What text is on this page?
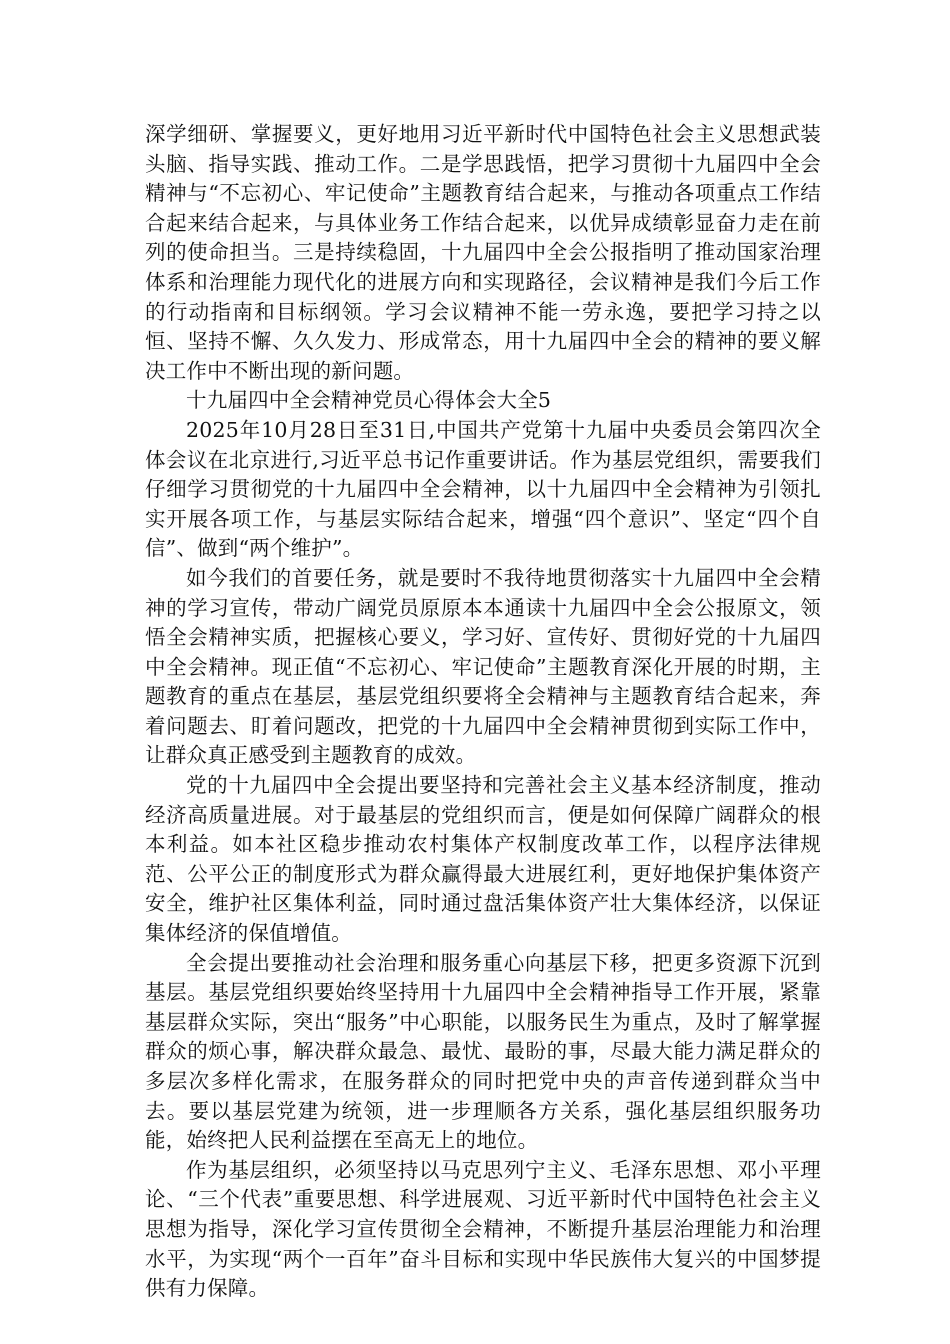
深学细研、掌握要义，更好地用习近平新时代中国特色社会主义思想武装头脑、指导实践、推动工作。二是学思践悟，把学习贯彻十九届四中全会精神与“不忘初心、牢记使命”主题教育结合起来，与推动各项重点工作结合起来结合起来，与具体业务工作结合起来，以优异成绩彰显奋力走在前列的使命担当。三是持续稳固，十九届四中全会公报指明了推动国家治理体系和治理能力现代化的进展方向和实现路径，会议精神是我们今后工作的行动指南和目标纲领。学习会议精神不能一劳永逸，要把学习持之以恒、坚持不懈、久久发力、形成常态，用十九届四中全会的精神的要义解决工作中不断出现的新问题。

十九届四中全会精神党员心得体会大全5

2025年10月28日至31日,中国共产党第十九届中央委员会第四次全体会议在北京进行,习近平总书记作重要讲话。作为基层党组织，需要我们仔细学习贯彻党的十九届四中全会精神，以十九届四中全会精神为引领扎实开展各项工作，与基层实际结合起来，增强“四个意识”、坚定“四个自信”、做到“两个维护”。

如今我们的首要任务，就是要时不我待地贯彻落实十九届四中全会精神的学习宣传，带动广阔党员原原本本通读十九届四中全会公报原文，领悟全会精神实质，把握核心要义，学习好、宣传好、贯彻好党的十九届四中全会精神。现正值“不忘初心、牢记使命”主题教育深化开展的时期，主题教育的重点在基层，基层党组织要将全会精神与主题教育结合起来，奔着问题去、盯着问题改，把党的十九届四中全会精神贯彻到实际工作中，让群众真正感受到主题教育的成效。

党的十九届四中全会提出要坚持和完善社会主义基本经济制度，推动经济高质量进展。对于最基层的党组织而言，便是如何保障广阔群众的根本利益。如本社区稳步推动农村集体产权制度改革工作，以程序法律规范、公平公正的制度形式为群众赢得最大进展红利，更好地保护集体资产安全，维护社区集体利益，同时通过盘活集体资产壮大集体经济，以保证集体经济的保值增值。

全会提出要推动社会治理和服务重心向基层下移，把更多资源下沉到基层。基层党组织要始终坚持用十九届四中全会精神指导工作开展，紧靠基层群众实际，突出“服务”中心职能，以服务民生为重点，及时了解掌握群众的烦心事，解决群众最急、最忧、最盼的事，尽最大能力满足群众的多层次多样化需求，在服务群众的同时把党中央的声音传递到群众当中去。要以基层党建为统领，进一步理顺各方关系，强化基层组织服务功能，始终把人民利益摆在至高无上的地位。

作为基层组织，必须坚持以马克思列宁主义、毛泽东思想、邓小平理论、“三个代表”重要思想、科学进展观、习近平新时代中国特色社会主义思想为指导，深化学习宣传贯彻全会精神，不断提升基层治理能力和治理水平，为实现“两个一百年”奋斗目标和实现中华民族伟大复兴的中国梦提供有力保障。
